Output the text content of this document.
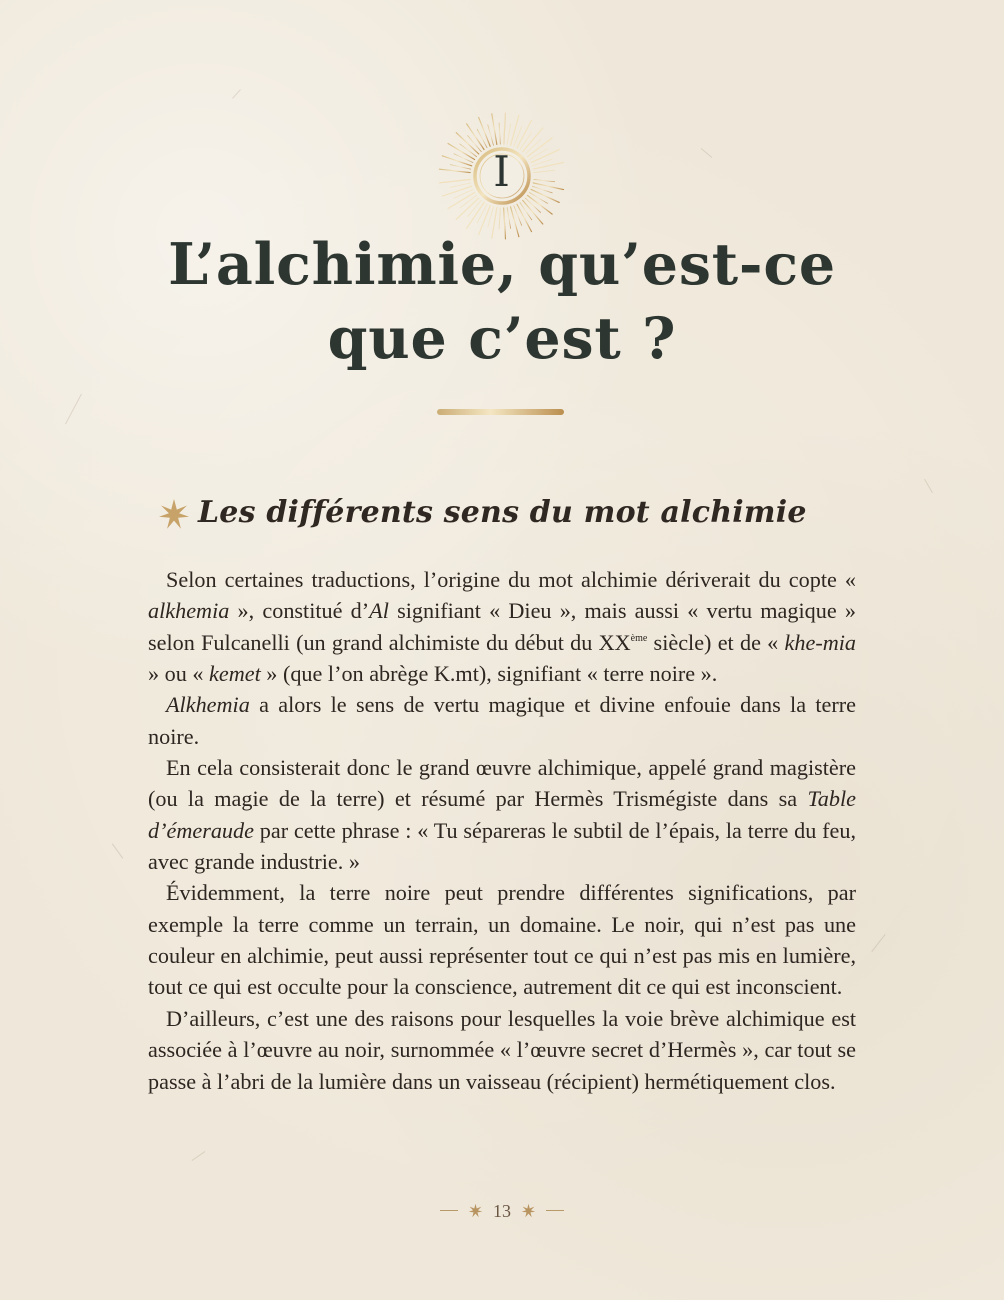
I
L’alchimie, qu’est-ce
que c’est ?
Les différents sens du mot alchimie

Selon certaines traductions, l’origine du mot alchimie dériverait du copte « alkhemia », constitué d’Al signifiant « Dieu », mais aussi « vertu magique » selon Fulcanelli (un grand alchimiste du début du XXème siècle) et de « khe-mia » ou « kemet » (que l’on abrège K.mt), signifiant « terre noire ».

Alkhemia a alors le sens de vertu magique et divine enfouie dans la terre noire.

En cela consisterait donc le grand œuvre alchimique, appelé grand magistère (ou la magie de la terre) et résumé par Hermès Trismégiste dans sa Table d’émeraude par cette phrase : « Tu sépareras le subtil de l’épais, la terre du feu, avec grande industrie. »

Évidemment, la terre noire peut prendre différentes significations, par exemple la terre comme un terrain, un domaine. Le noir, qui n’est pas une couleur en alchimie, peut aussi représenter tout ce qui n’est pas mis en lumière, tout ce qui est occulte pour la conscience, autrement dit ce qui est inconscient.

D’ailleurs, c’est une des raisons pour lesquelles la voie brève alchimique est associée à l’œuvre au noir, surnommée « l’œuvre secret d’Hermès », car tout se passe à l’abri de la lumière dans un vaisseau (récipient) hermétiquement clos.

13
